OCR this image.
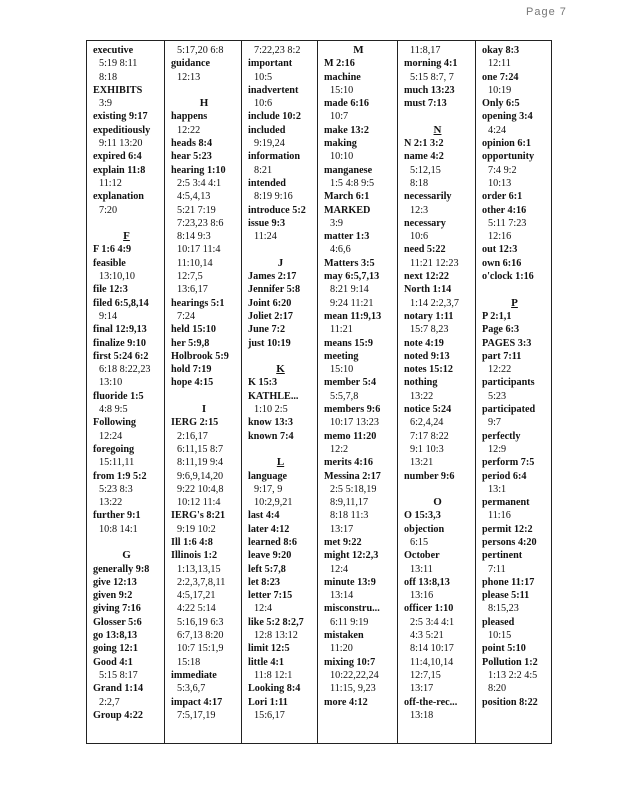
Page 7
executive
5:19 8:11
8:18
EXHIBITS
3:9
existing 9:17
expeditiously
9:11 13:20
expired 6:4
explain 11:8
11:12
explanation
7:20
F
F 1:6 4:9
feasible
13:10,10
file 12:3
filed 6:5,8,14
9:14
final 12:9,13
finalize 9:10
first 5:24 6:2
6:18 8:22,23
13:10
fluoride 1:5
4:8 9:5
Following
12:24
foregoing
15:11,11
from 1:9 5:2
5:23 8:3
13:22
further 9:1
10:8 14:1
G
generally 9:8
give 12:13
given 9:2
giving 7:16
Glosser 5:6
go 13:8,13
going 12:1
Good 4:1
5:15 8:17
Grand 1:14
2:2,7
Group 4:22
5:17,20 6:8
guidance
12:13
H
happens
12:22
heads 8:4
hear 5:23
hearing 1:10
2:5 3:4 4:1
4:5,4,13
5:21 7:19
7:23,23 8:6
8:14 9:3
10:17 11:4
11:10,14
12:7,5
13:6,17
hearings 5:1
7:24
held 15:10
her 5:9,8
Holbrook 5:9
hold 7:19
hope 4:15
I
IERG 2:15
2:16,17
6:11,15 8:7
8:11,19 9:4
9:6,9,14,20
9:22 10:4,8
10:12 11:4
IERG's 8:21
9:19 10:2
Ill 1:6 4:8
Illinois 1:2
1:13,13,15
2:2,3,7,8,11
4:5,17,21
4:22 5:14
5:16,19 6:3
6:7,13 8:20
10:7 15:1,9
15:18
immediate
5:3,6,7
impact 4:17
7:5,17,19
7:22,23 8:2
important
10:5
inadvertent
10:6
include 10:2
included
9:19,24
information
8:21
intended
8:19 9:16
introduce 5:2
issue 9:3
11:24
J
James 2:17
Jennifer 5:8
Joint 6:20
Joliet 2:17
June 7:2
just 10:19
K
K 15:3
KATHLE...
1:10 2:5
know 13:3
known 7:4
L
language
9:17, 9
10:2,9,21
last 4:4
later 4:12
learned 8:6
leave 9:20
left 5:7,8
let 8:23
letter 7:15
12:4
like 5:2 8:2,7
12:8 13:12
limit 12:5
little 4:1
11:8 12:1
Looking 8:4
Lori 1:11
15:6,17
M
M 2:16
machine
15:10
made 6:16
10:7
make 13:2
making
10:10
manganese
1:5 4:8 9:5
March 6:1
MARKED
3:9
matter 1:3
4:6,6
Matters 3:5
may 6:5,7,13
8:21 9:14
9:24 11:21
mean 11:9,13
11:21
means 15:9
meeting
15:10
member 5:4
5:5,7,8
members 9:6
10:17 13:23
memo 11:20
12:2
merits 4:16
Messina 2:17
2:5 5:18,19
8:9,11,17
8:18 11:3
13:17
met 9:22
might 12:2,3
12:4
minute 13:9
13:14
misconstru...
6:11 9:19
mistaken
11:20
mixing 10:7
10:22,22,24
11:15, 9,23
more 4:12
11:8,17
morning 4:1
5:15 8:7, 7
much 13:23
must 7:13
N
N 2:1 3:2
name 4:2
5:12,15
8:18
necessarily
12:3
necessary
10:6
need 5:22
11:21 12:23
next 12:22
North 1:14
1:14 2:2,3,7
notary 1:11
15:7 8,23
note 4:19
noted 9:13
notes 15:12
nothing
13:22
notice 5:24
6:2,4,24
7:17 8:22
9:1 10:3
13:21
number 9:6
O
O 15:3,3
objection
6:15
October
13:11
off 13:8,13
13:16
officer 1:10
2:5 3:4 4:1
4:3 5:21
8:14 10:17
11:4,10,14
12:7,15
13:17
off-the-rec...
13:18
okay 8:3
12:11
one 7:24
10:19
Only 6:5
opening 3:4
4:24
opinion 6:1
opportunity
7:4 9:2
10:13
order 6:1
other 4:16
5:11 7:23
12:16
out 12:3
own 6:16
o'clock 1:16
P
P 2:1,1
Page 6:3
PAGES 3:3
part 7:11
12:22
participants
5:23
participated
9:7
perfectly
12:9
perform 7:5
period 6:4
13:1
permanent
11:16
permit 12:2
persons 4:20
pertinent
7:11
phone 11:17
please 5:11
8:15,23
pleased
10:15
point 5:10
Pollution 1:2
1:13 2:2 4:5
8:20
position 8:22
